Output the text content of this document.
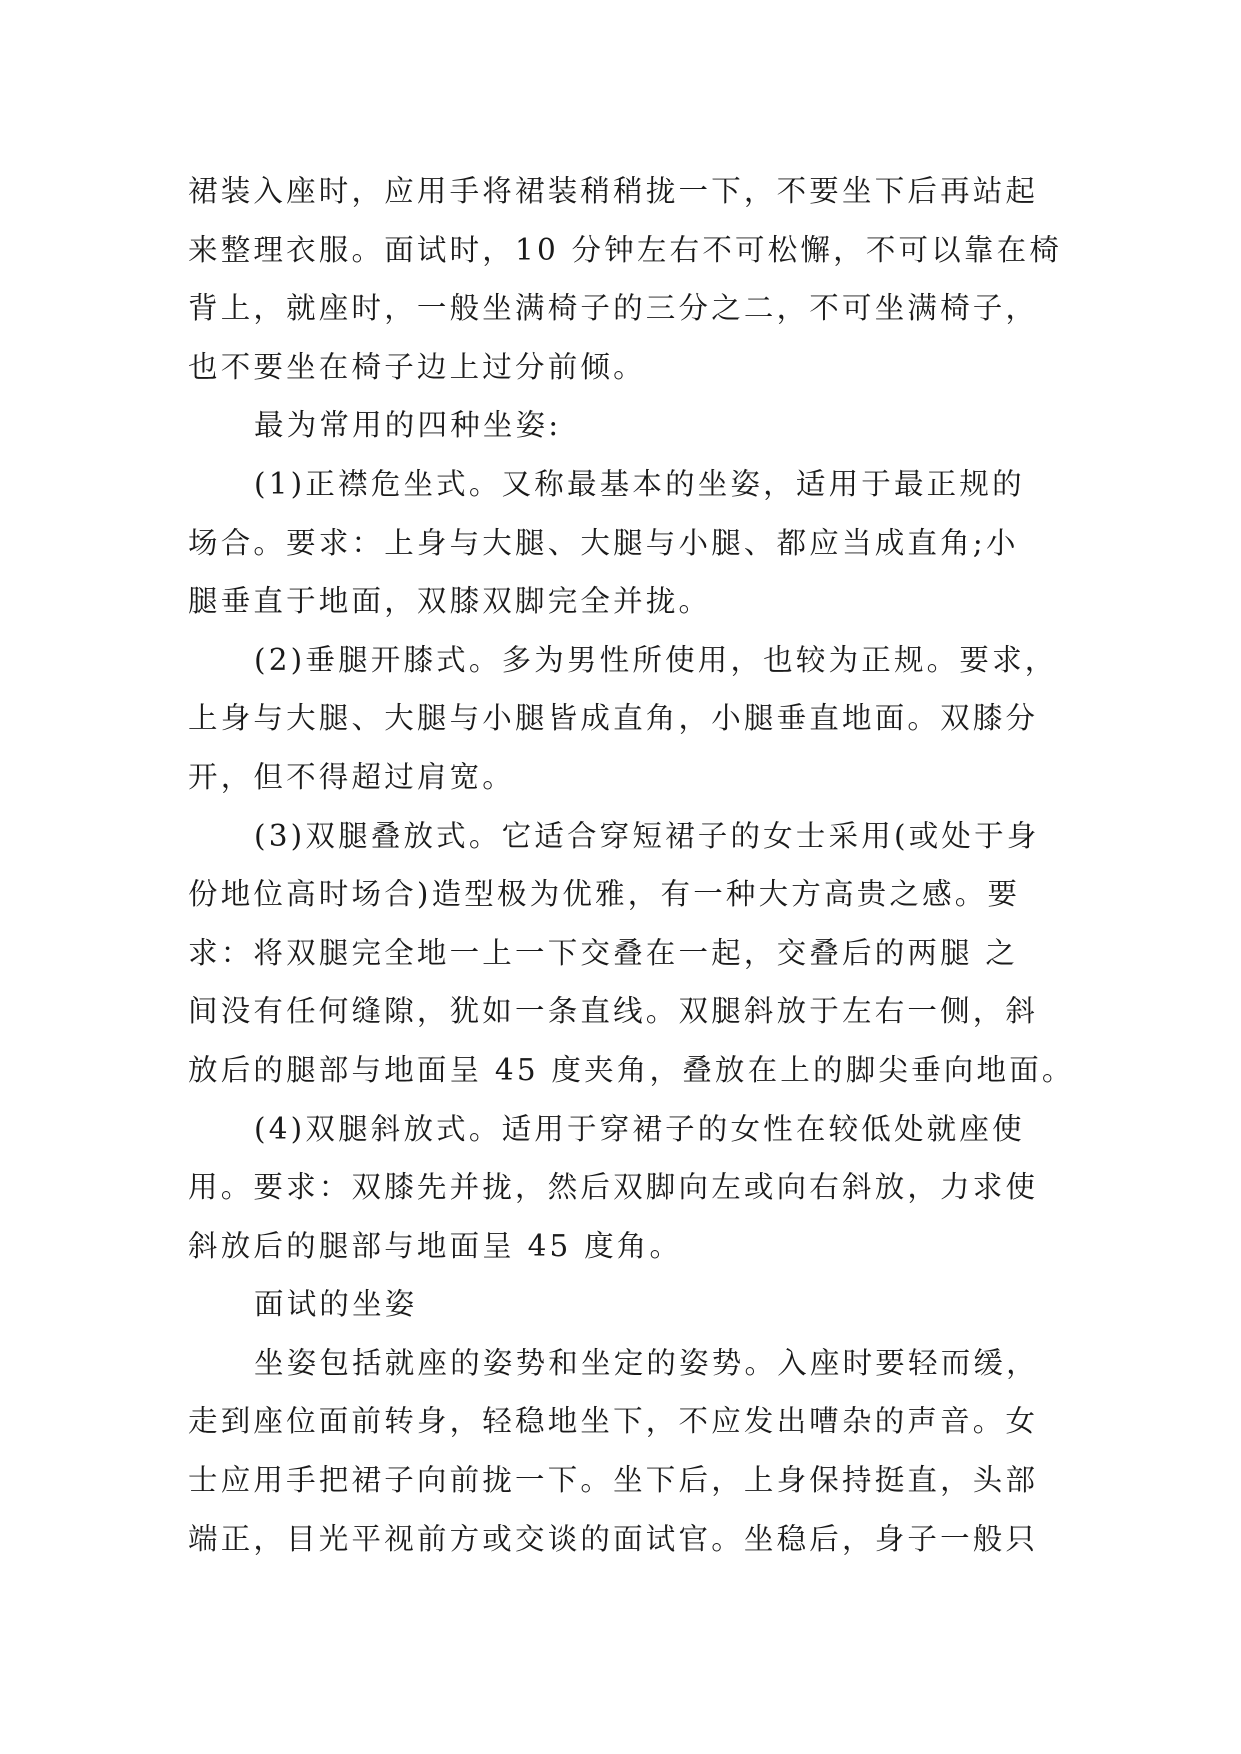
裙装入座时，应用手将裙装稍稍拢一下，不要坐下后再站起
来整理衣服。面试时，10 分钟左右不可松懈，不可以靠在椅
背上，就座时，一般坐满椅子的三分之二，不可坐满椅子，
也不要坐在椅子边上过分前倾。
最为常用的四种坐姿:
(1)正襟危坐式。又称最基本的坐姿，适用于最正规的
场合。要求：上身与大腿、大腿与小腿、都应当成直角;小
腿垂直于地面，双膝双脚完全并拢。
(2)垂腿开膝式。多为男性所使用，也较为正规。要求，
上身与大腿、大腿与小腿皆成直角，小腿垂直地面。双膝分
开，但不得超过肩宽。
(3)双腿叠放式。它适合穿短裙子的女士采用(或处于身
份地位高时场合)造型极为优雅，有一种大方高贵之感。要
求：将双腿完全地一上一下交叠在一起，交叠后的两腿 之
间没有任何缝隙，犹如一条直线。双腿斜放于左右一侧，斜
放后的腿部与地面呈 45 度夹角，叠放在上的脚尖垂向地面。
(4)双腿斜放式。适用于穿裙子的女性在较低处就座使
用。要求：双膝先并拢，然后双脚向左或向右斜放，力求使
斜放后的腿部与地面呈 45 度角。
面试的坐姿
坐姿包括就座的姿势和坐定的姿势。入座时要轻而缓，
走到座位面前转身，轻稳地坐下，不应发出嘈杂的声音。女
士应用手把裙子向前拢一下。坐下后，上身保持挺直，头部
端正，目光平视前方或交谈的面试官。坐稳后，身子一般只
